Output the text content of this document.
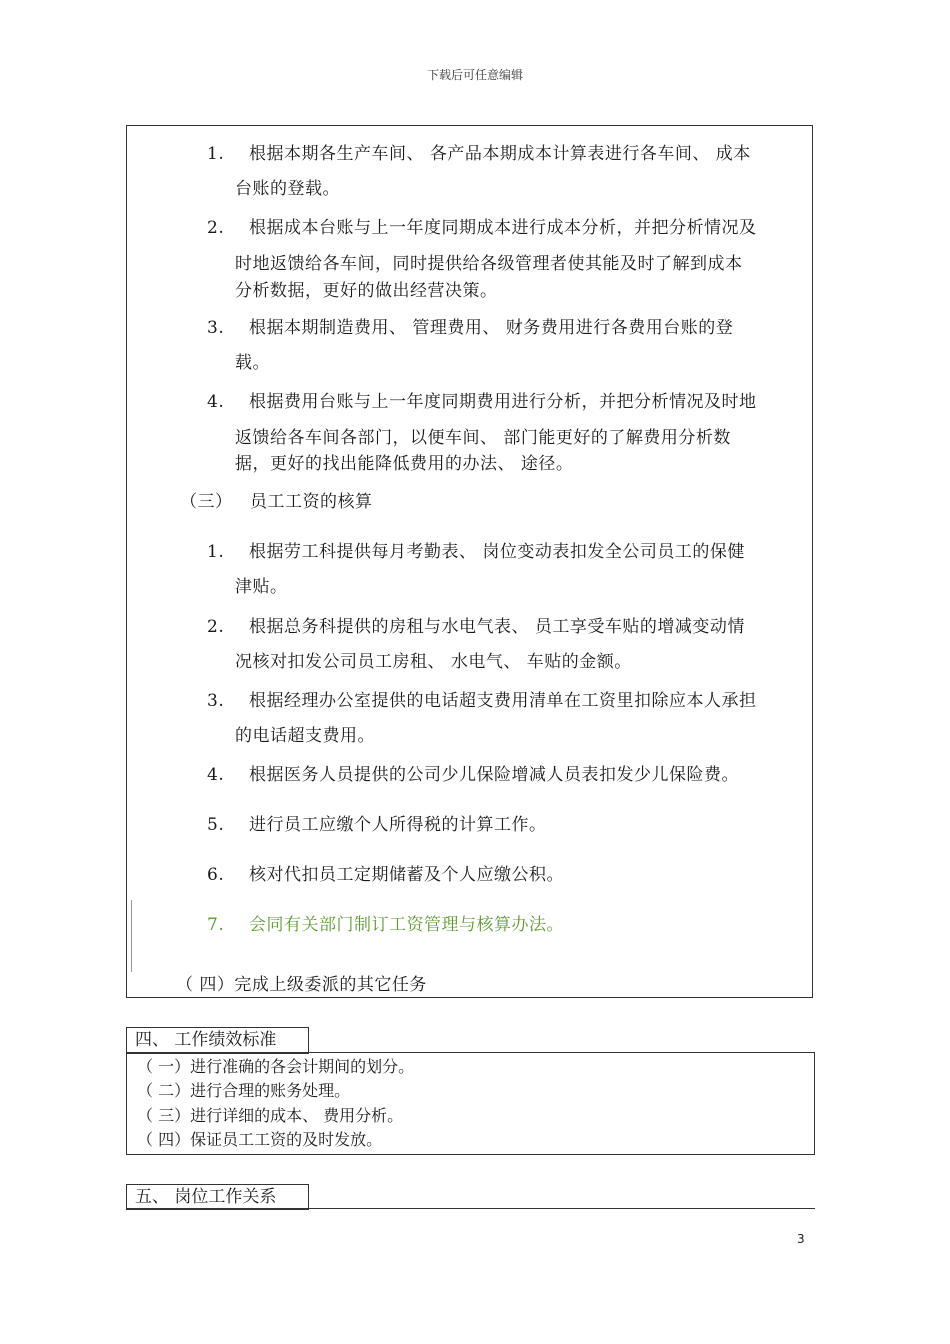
下载后可任意编辑
1.	根据本期各生产车间、 各产品本期成本计算表进行各车间、 成本
台账的登载。
2.	根据成本台账与上一年度同期成本进行成本分析，并把分析情况及
时地返馈给各车间，同时提供给各级管理者使其能及时了解到成本
分析数据，更好的做出经营决策。
3.	根据本期制造费用、 管理费用、 财务费用进行各费用台账的登
载。
4.	根据费用台账与上一年度同期费用进行分析，并把分析情况及时地
返馈给各车间各部门，以便车间、 部门能更好的了解费用分析数
据，更好的找出能降低费用的办法、 途径。
（三） 员工工资的核算
1.	根据劳工科提供每月考勤表、 岗位变动表扣发全公司员工的保健
津贴。
2.	根据总务科提供的房租与水电气表、 员工享受车贴的增减变动情
况核对扣发公司员工房租、 水电气、 车贴的金额。
3.	根据经理办公室提供的电话超支费用清单在工资里扣除应本人承担
的电话超支费用。
4.	根据医务人员提供的公司少儿保险增减人员表扣发少儿保险费。
5.	进行员工应缴个人所得税的计算工作。
6.	核对代扣员工定期储蓄及个人应缴公积。
7.	会同有关部门制订工资管理与核算办法。
（ 四）完成上级委派的其它任务
四、 工作绩效标准
（ 一）进行准确的各会计期间的划分。
（ 二）进行合理的账务处理。
（ 三）进行详细的成本、 费用分析。
（ 四）保证员工工资的及时发放。
五、 岗位工作关系
3
